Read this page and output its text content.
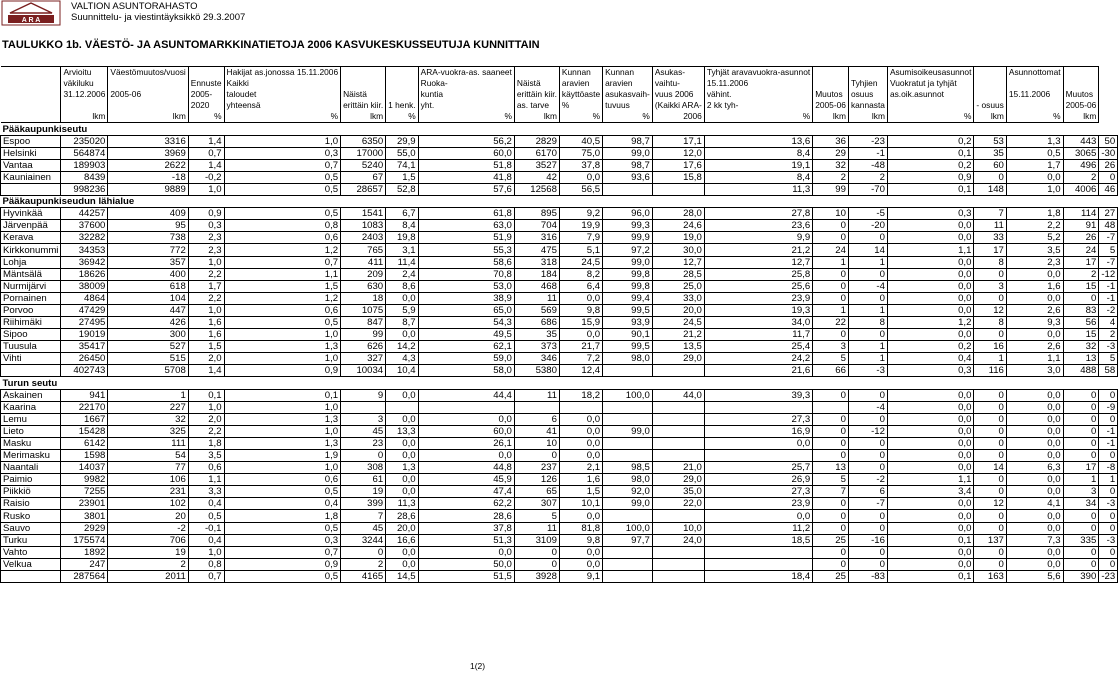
A R A
VALTION ASUNTORAHASTO
Suunnittelu- ja viestintäyksikkö 29.3.2007
TAULUKKO 1b. VÄESTÖ- JA ASUNTOMARKKINATIETOJA 2006 KASVUKESKUSSEUTUJA KUNNITTAIN
	Arvioitu	Väestömuutos/vuosi		Hakijat as.jonossa 15.11.2006			ARA-vuokra-as. saaneet		Kunnan	Kunnan	Asukas-	Tyhjät aravavuokra-asunnot			Asumisoikeusasunnot		Asunnottomat		
	väkiluku		Ennuste	Kaikki			Ruoka-	Näistä	aravien	aravien	vaihtu-	15.11.2006		Tyhjien	Vuokratut ja tyhjät				
	31.12.2006	2005-06	2005-	taloudet	Näistä		kuntia	erittäin kiir.	käyttöaste	asukasvaih-	vuus 2006	vähint.	Muutos	osuus	as.oik.asunnot		15.11.2006	Muutos	
			2020	yhteensä	erittäin kiir.	1 henk.	yht.	as. tarve	%	tuvuus	(Kaikki ARA-	2 kk tyh-	2005-06	kannasta		- osuus		2005-06	
	lkm	lkm	%	%	lkm	%	%	lkm	%	%	2006	%	lkm	lkm	%	lkm	%	lkm	
Pääkaupunkiseutu																			
Espoo	235020	3316	1,4	1,0	6350	29,9	56,2	2829	40,5	98,7	17,1	13,6	36	-23	0,2	53	1,3	443	50
Helsinki	564874	3969	0,7	0,3	17000	55,0	60,0	6170	75,0	99,0	12,0	8,4	29	-1	0,1	35	0,5	3065	-30
Vantaa	189903	2622	1,4	0,7	5240	74,1	51,8	3527	37,8	98,7	17,6	19,1	32	-48	0,2	60	1,7	496	26
Kauniainen	8439	-18	-0,2	0,5	67	1,5	41,8	42	0,0	93,6	15,8	8,4	2	2	0,9	0	0,0	2	0
	998236	9889	1,0	0,5	28657	52,8	57,6	12568	56,5			11,3	99	-70	0,1	148	1,0	4006	46
Pääkaupunkiseudun lähialue																			
Hyvinkää	44257	409	0,9	0,5	1541	6,7	61,8	895	9,2	96,0	28,0	27,8	10	-5	0,3	7	1,8	114	27
Järvenpää	37600	95	0,3	0,8	1083	8,4	63,0	704	19,9	99,3	24,6	23,6	0	-20	0,0	11	2,2	91	48
Kerava	32282	738	2,3	0,6	2403	19,8	51,9	316	7,9	99,9	19,0	9,9	0	0	0,0	33	5,2	26	-7
Kirkkonummi	34353	772	2,3	1,2	765	3,1	55,3	475	5,1	97,2	30,0	21,2	24	14	1,1	17	3,5	24	5
Lohja	36942	357	1,0	0,7	411	11,4	58,6	318	24,5	99,0	12,7	12,7	1	1	0,0	8	2,3	17	-7
Mäntsälä	18626	400	2,2	1,1	209	2,4	70,8	184	8,2	99,8	28,5	25,8	0	0	0,0	0	0,0	2	-12
Nurmijärvi	38009	618	1,7	1,5	630	8,6	53,0	468	6,4	99,8	25,0	25,6	0	-4	0,0	3	1,6	15	-1
Pornainen	4864	104	2,2	1,2	18	0,0	38,9	11	0,0	99,4	33,0	23,9	0	0	0,0	0	0,0	0	-1
Porvoo	47429	447	1,0	0,6	1075	5,9	65,0	569	9,8	99,5	20,0	19,3	1	1	0,0	12	2,6	83	-2
Riihimäki	27495	426	1,6	0,5	847	8,7	54,3	686	15,9	93,9	24,5	34,0	22	8	1,2	8	9,3	56	4
Sipoo	19019	300	1,6	1,0	99	0,0	49,5	35	0,0	90,1	21,2	11,7	0	0	0,0	0	0,0	15	2
Tuusula	35417	527	1,5	1,3	626	14,2	62,1	373	21,7	99,5	13,5	25,4	3	1	0,2	16	2,6	32	-3
Vihti	26450	515	2,0	1,0	327	4,3	59,0	346	7,2	98,0	29,0	24,2	5	1	0,4	1	1,1	13	5
	402743	5708	1,4	0,9	10034	10,4	58,0	5380	12,4			21,6	66	-3	0,3	116	3,0	488	58
Turun seutu																			
Askainen	941	1	0,1	0,1	9	0,0	44,4	11	18,2	100,0	44,0	39,3	0	0	0,0	0	0,0	0	0
Kaarina	22170	227	1,0	1,0										-4	0,0	0	0,0	0	-9
Lemu	1667	32	2,0	1,3	3	0,0	0,0	6	0,0			27,3	0	0	0,0	0	0,0	0	0
Lieto	15428	325	2,2	1,0	45	13,3	60,0	41	0,0	99,0		16,9	0	-12	0,0	0	0,0	0	-1
Masku	6142	111	1,8	1,3	23	0,0	26,1	10	0,0			0,0	0	0	0,0	0	0,0	0	-1
Merimasku	1598	54	3,5	1,9	0	0,0	0,0	0	0,0				0	0	0,0	0	0,0	0	0
Naantali	14037	77	0,6	1,0	308	1,3	44,8	237	2,1	98,5	21,0	25,7	13	0	0,0	14	6,3	17	-8
Paimio	9982	106	1,1	0,6	61	0,0	45,9	126	1,6	98,0	29,0	26,9	5	-2	1,1	0	0,0	1	1
Piikkiö	7255	231	3,3	0,5	19	0,0	47,4	65	1,5	92,0	35,0	27,3	7	6	3,4	0	0,0	3	0
Raisio	23901	102	0,4	0,4	399	11,3	62,2	307	10,1	99,0	22,0	23,9	0	-7	0,0	12	4,1	34	-3
Rusko	3801	20	0,5	1,8	7	28,6	28,6	5	0,0			0,0	0	0	0,0	0	0,0	0	0
Sauvo	2929	-2	-0,1	0,5	45	20,0	37,8	11	81,8	100,0	10,0	11,2	0	0	0,0	0	0,0	0	0
Turku	175574	706	0,4	0,3	3244	16,6	51,3	3109	9,8	97,7	24,0	18,5	25	-16	0,1	137	7,3	335	-3
Vahto	1892	19	1,0	0,7	0	0,0	0,0	0	0,0				0	0	0,0	0	0,0	0	0
Velkua	247	2	0,8	0,9	2	0,0	50,0	0	0,0				0	0	0,0	0	0,0	0	0
	287564	2011	0,7	0,5	4165	14,5	51,5	3928	9,1			18,4	25	-83	0,1	163	5,6	390	-23
1(2)
